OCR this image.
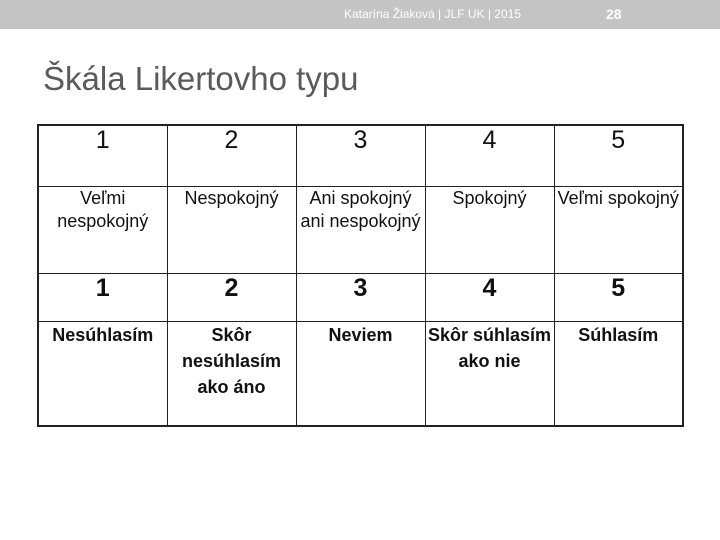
Katarína Žiaková | JLF UK | 2015	28
Škála Likertovho typu
1	2	3	4	5
Veľmi nespokojný	Nespokojný	Ani spokojný ani nespokojný	Spokojný	Veľmi spokojný
1	2	3	4	5
Nesúhlasím	Skôr nesúhlasím ako áno	Neviem	Skôr súhlasím ako nie	Súhlasím
